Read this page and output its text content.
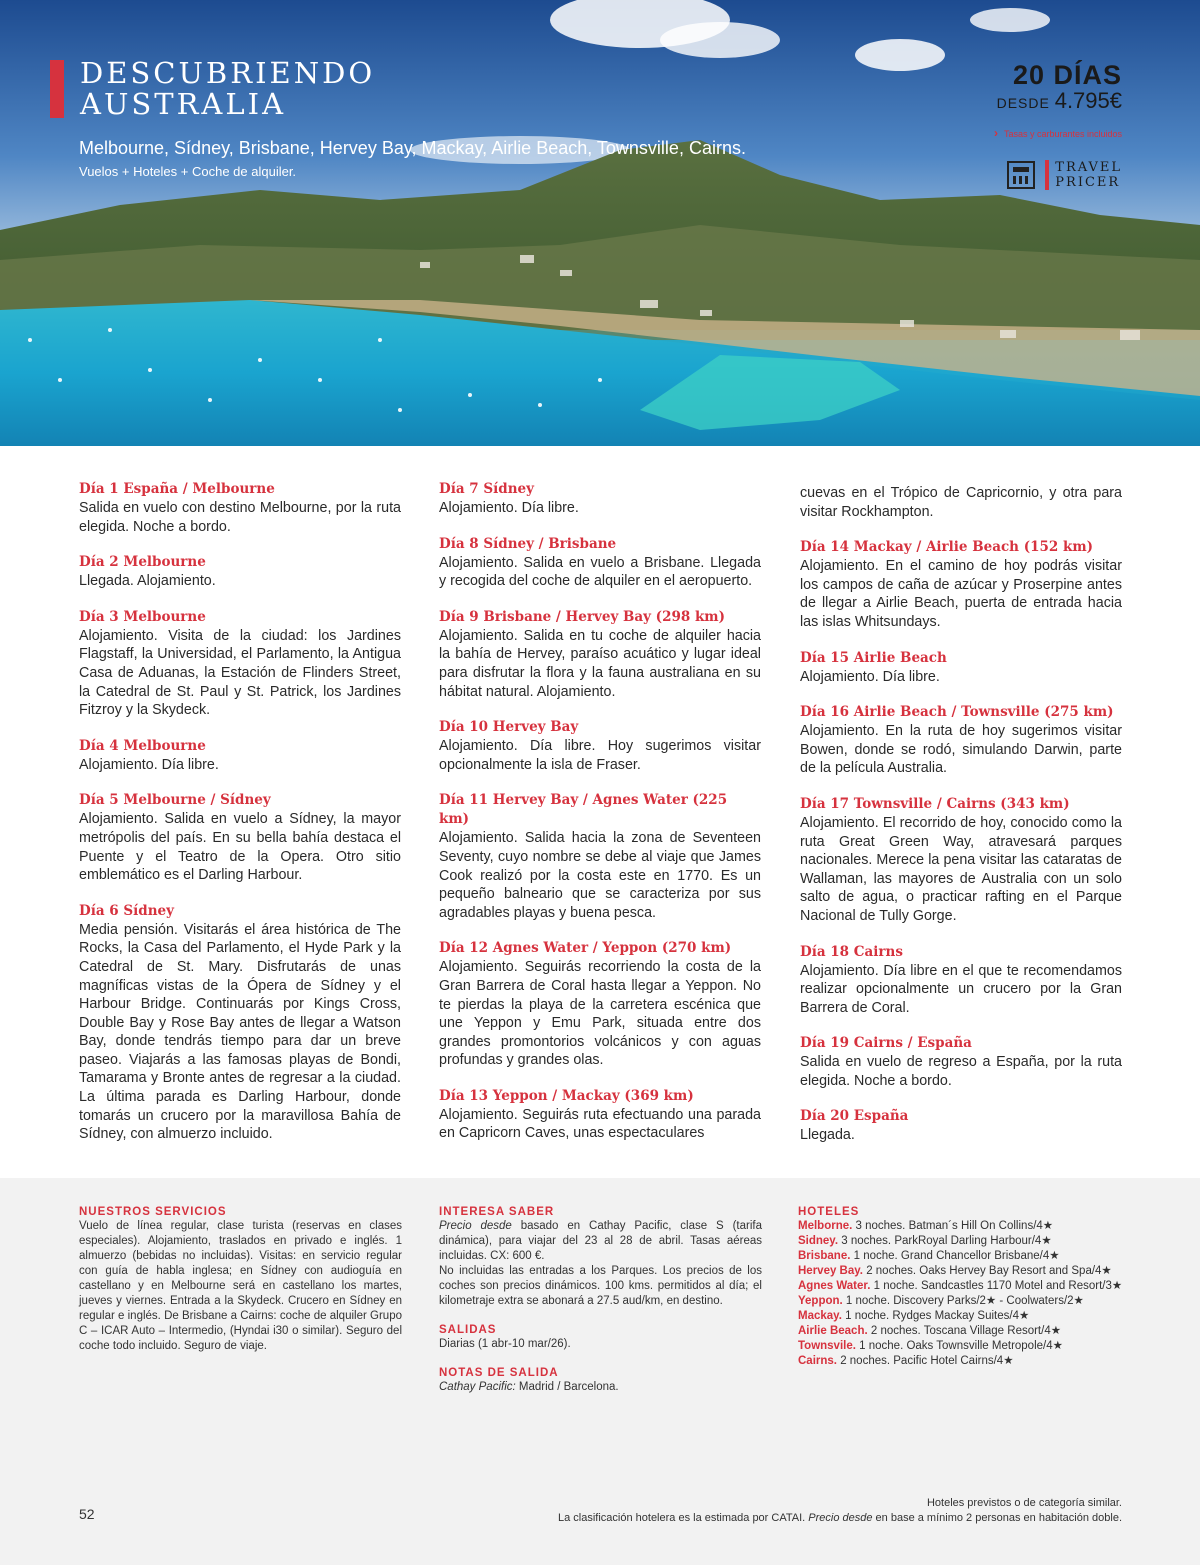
DESCUBRIENDO
AUSTRALIA
Melbourne, Sídney, Brisbane, Hervey Bay, Mackay, Airlie Beach, Townsville, Cairns.
Vuelos + Hoteles + Coche de alquiler.
20 DÍAS
DESDE 4.795€
› Tasas y carburantes incluidos
TRAVEL
PRICER
Día 1 España / Melbourne
Salida en vuelo con destino Melbourne, por la ruta elegida. Noche a bordo.
Día 2 Melbourne
Llegada. Alojamiento.
Día 3 Melbourne
Alojamiento. Visita de la ciudad: los Jardines Flagstaff, la Universidad, el Parlamento, la Antigua Casa de Aduanas, la Estación de Flinders Street, la Catedral de St. Paul y St. Patrick, los Jardines Fitzroy y la Skydeck.
Día 4 Melbourne
Alojamiento. Día libre.
Día 5 Melbourne / Sídney
Alojamiento. Salida en vuelo a Sídney, la mayor metrópolis del país. En su bella bahía destaca el Puente y el Teatro de la Opera. Otro sitio emblemático es el Darling Harbour.
Día 6 Sídney
Media pensión. Visitarás el área histórica de The Rocks, la Casa del Parlamento, el Hyde Park y la Catedral de St. Mary. Disfrutarás de unas magníficas vistas de la Ópera de Sídney y el Harbour Bridge. Continuarás por Kings Cross, Double Bay y Rose Bay antes de llegar a Watson Bay, donde tendrás tiempo para dar un breve paseo. Viajarás a las famosas playas de Bondi, Tamarama y Bronte antes de regresar a la ciudad. La última parada es Darling Harbour, donde tomarás un crucero por la maravillosa Bahía de Sídney, con almuerzo incluido.
Día 7 Sídney
Alojamiento. Día libre.
Día 8 Sídney / Brisbane
Alojamiento. Salida en vuelo a Brisbane. Llegada y recogida del coche de alquiler en el aeropuerto.
Día 9 Brisbane / Hervey Bay (298 km)
Alojamiento. Salida en tu coche de alquiler hacia la bahía de Hervey, paraíso acuático y lugar ideal para disfrutar la flora y la fauna australiana en su hábitat natural. Alojamiento.
Día 10 Hervey Bay
Alojamiento. Día libre. Hoy sugerimos visitar opcionalmente la isla de Fraser.
Día 11 Hervey Bay / Agnes Water (225 km)
Alojamiento. Salida hacia la zona de Seventeen Seventy, cuyo nombre se debe al viaje que James Cook realizó por la costa este en 1770. Es un pequeño balneario que se caracteriza por sus agradables playas y buena pesca.
Día 12 Agnes Water / Yeppon (270 km)
Alojamiento. Seguirás recorriendo la costa de la Gran Barrera de Coral hasta llegar a Yeppon. No te pierdas la playa de la carretera escénica que une Yeppon y Emu Park, situada entre dos grandes promontorios volcánicos y con aguas profundas y grandes olas.
Día 13 Yeppon / Mackay (369 km)
Alojamiento. Seguirás ruta efectuando una parada en Capricorn Caves, unas espectaculares
cuevas en el Trópico de Capricornio, y otra para visitar Rockhampton.
Día 14 Mackay / Airlie Beach (152 km)
Alojamiento. En el camino de hoy podrás visitar los campos de caña de azúcar y Proserpine antes de llegar a Airlie Beach, puerta de entrada hacia las islas Whitsundays.
Día 15 Airlie Beach
Alojamiento. Día libre.
Día 16 Airlie Beach / Townsville (275 km)
Alojamiento. En la ruta de hoy sugerimos visitar Bowen, donde se rodó, simulando Darwin, parte de la película Australia.
Día 17 Townsville / Cairns (343 km)
Alojamiento. El recorrido de hoy, conocido como la ruta Great Green Way, atravesará parques nacionales. Merece la pena visitar las cataratas de Wallaman, las mayores de Australia con un solo salto de agua, o practicar rafting en el Parque Nacional de Tully Gorge.
Día 18 Cairns
Alojamiento. Día libre en el que te recomendamos realizar opcionalmente un crucero por la Gran Barrera de Coral.
Día 19 Cairns / España
Salida en vuelo de regreso a España, por la ruta elegida. Noche a bordo.
Día 20 España
Llegada.
NUESTROS SERVICIOS
Vuelo de línea regular, clase turista (reservas en clases especiales). Alojamiento, traslados en privado e inglés. 1 almuerzo (bebidas no incluidas). Visitas: en servicio regular con guía de habla inglesa; en Sídney con audioguía en castellano y en Melbourne será en castellano los martes, jueves y viernes. Entrada a la Skydeck. Crucero en Sídney en regular e inglés. De Brisbane a Cairns: coche de alquiler Grupo C – ICAR Auto – Intermedio, (Hyndai i30 o similar). Seguro del coche todo incluido. Seguro de viaje.
INTERESA SABER
Precio desde basado en Cathay Pacific, clase S (tarifa dinámica), para viajar del 23 al 28 de abril. Tasas aéreas incluidas. CX: 600 €.
No incluidas las entradas a los Parques. Los precios de los coches son precios dinámicos. 100 kms. permitidos al día; el kilometraje extra se abonará a 27.5 aud/km, en destino.
SALIDAS
Diarias (1 abr-10 mar/26).
NOTAS DE SALIDA
Cathay Pacific: Madrid / Barcelona.
HOTELES
Melborne. 3 noches. Batman´s Hill On Collins/4★
Sidney. 3 noches. ParkRoyal Darling Harbour/4★
Brisbane. 1 noche. Grand Chancellor Brisbane/4★
Hervey Bay. 2 noches. Oaks Hervey Bay Resort and Spa/4★
Agnes Water. 1 noche. Sandcastles 1170 Motel and Resort/3★
Yeppon. 1 noche. Discovery Parks/2★ - Coolwaters/2★
Mackay. 1 noche. Rydges Mackay Suites/4★
Airlie Beach. 2 noches. Toscana Village Resort/4★
Townsvile. 1 noche. Oaks Townsville Metropole/4★
Cairns. 2 noches. Pacific Hotel Cairns/4★
52
Hoteles previstos o de categoría similar.
La clasificación hotelera es la estimada por CATAI. Precio desde en base a mínimo 2 personas en habitación doble.
